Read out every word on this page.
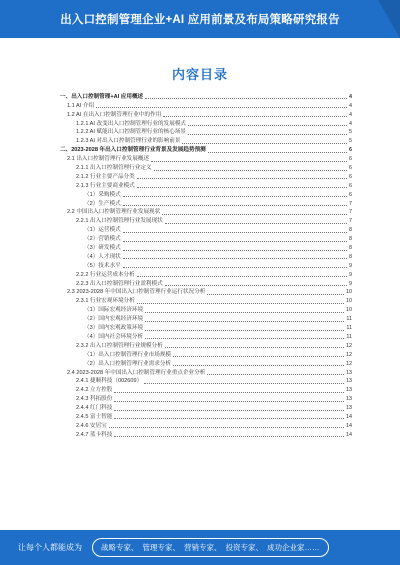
出入口控制管理企业+AI 应用前景及布局策略研究报告
内容目录
一、出入口控制管理+AI 应用概述	4
1.1 AI 介绍	4
1.2 AI 在出入口控制管理行业中的作用	4
1.2.1 AI 改变出入口控制管理行业的发展模式	4
1.2.2 AI 赋能出入口控制管理行业的核心场景	5
1.2.3 AI 对出入口控制管理行业的影响前景	5
二、2023-2028 年出入口控制管理行业背景及发展趋势预测	6
2.1 出入口控制管理行业发展概述	6
2.1.1 出入口控制管理行业定义	6
2.1.2 行业主要产品分类	6
2.1.3 行业主要商业模式	6
（1）采购模式	6
（2）生产模式	7
2.2 中国出入口控制管理行业发展现状	7
2.2.1 出入口控制管理行业发展现状	7
（1）运营模式	8
（2）营销模式	8
（3）研发模式	8
（4）人才现状	8
（5）技术水平	9
2.2.2 行业运营成本分析	9
2.2.3 出入口控制管理行业盈利模式	9
2.3 2023-2028 年中国出入口控制管理行业运行状况分析	10
2.3.1 行业宏观环境分析	10
（1）国际宏观经济环境	10
（2）国内宏观经济环境	11
（3）国内宏观政策环境	11
（4）国内社会环境分析	11
2.3.2 出入口控制管理行业规模分析	12
（1）出入口控制管理行业市场规模	12
（2）出入口控制管理行业需求分析	12
2.4 2023-2028 年中国出入口控制管理行业重点企业分析	13
2.4.1 捷顺科技（002609）	13
2.4.2 立方控股	13
2.4.3 科拓股份	13
2.4.4 红门科技	13
2.4.5 富士智能	14
2.4.6 安居宝	14
2.4.7 蓝卡科技	14
让每个人都能成为	战略专家、 管理专家、 营销专家、 投资专家、 成功企业家……
